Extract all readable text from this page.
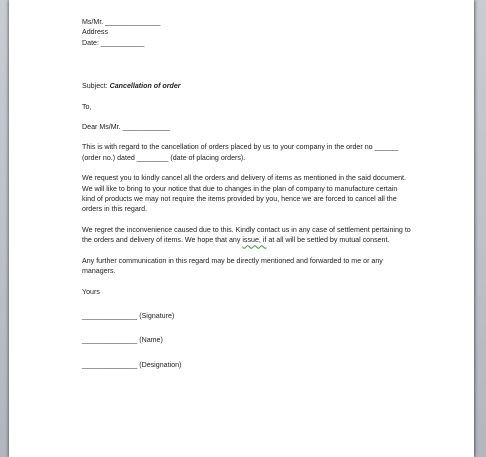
Ms/Mr. ______________
Address
Date: ___________
Subject: Cancellation of order
To,
Dear Ms/Mr. ____________
This is with regard to the cancellation of orders placed by us to your company in the order no ______ (order no.) dated ________ (date of placing orders).
We request you to kindly cancel all the orders and delivery of items as mentioned in the said document. We will like to bring to your notice that due to changes in the plan of company to manufacture certain kind of products we may not require the items provided by you, hence we are forced to cancel all the orders in this regard.
We regret the inconvenience caused due to this. Kindly contact us in any case of settlement pertaining to the orders and delivery of items. We hope that any issue, if at all will be settled by mutual consent.
Any further communication in this regard may be directly mentioned and forwarded to me or any managers.
Yours
______________ (Signature)
______________ (Name)
______________ (Designation)
